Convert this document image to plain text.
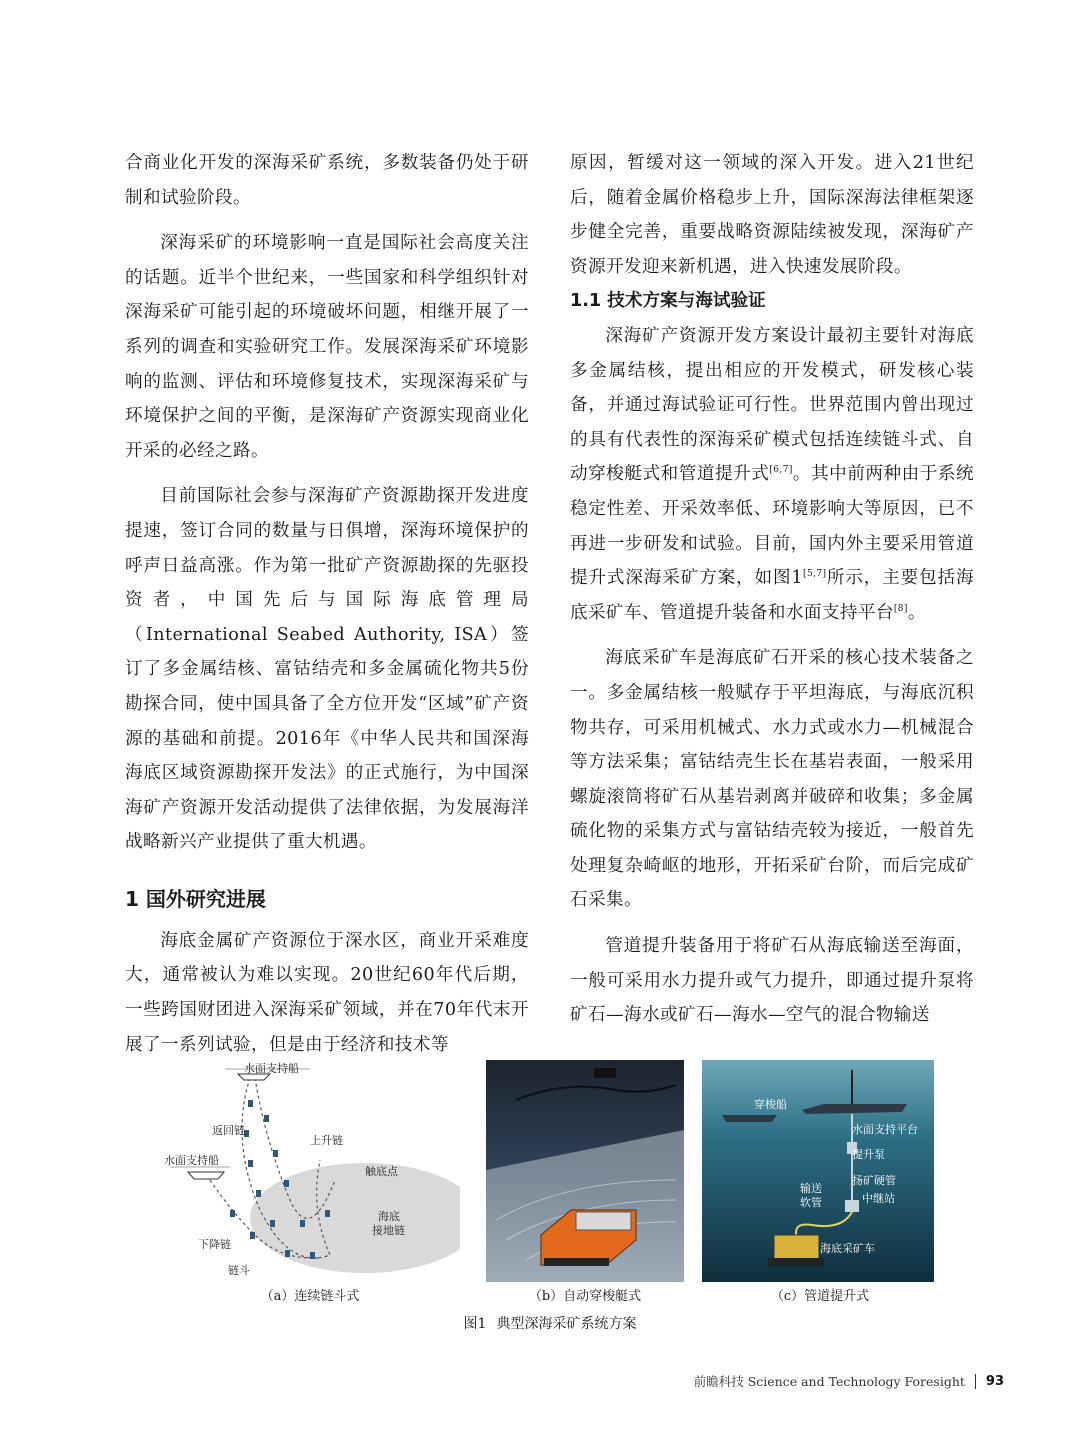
合商业化开发的深海采矿系统，多数装备仍处于研制和试验阶段。

深海采矿的环境影响一直是国际社会高度关注的话题。近半个世纪来，一些国家和科学组织针对深海采矿可能引起的环境破坏问题，相继开展了一系列的调查和实验研究工作。发展深海采矿环境影响的监测、评估和环境修复技术，实现深海采矿与环境保护之间的平衡，是深海矿产资源实现商业化开采的必经之路。

目前国际社会参与深海矿产资源勘探开发进度提速，签订合同的数量与日俱增，深海环境保护的呼声日益高涨。作为第一批矿产资源勘探的先驱投资者，中国先后与国际海底管理局（International Seabed Authority, ISA）签订了多金属结核、富钴结壳和多金属硫化物共5份勘探合同，使中国具备了全方位开发“区域”矿产资源的基础和前提。2016年《中华人民共和国深海海底区域资源勘探开发法》的正式施行，为中国深海矿产资源开发活动提供了法律依据，为发展海洋战略新兴产业提供了重大机遇。

1 国外研究进展

海底金属矿产资源位于深水区，商业开采难度大，通常被认为难以实现。20世纪60年代后期，一些跨国财团进入深海采矿领域，并在70年代末开展了一系列试验，但是由于经济和技术等

原因，暂缓对这一领域的深入开发。进入21世纪后，随着金属价格稳步上升，国际深海法律框架逐步健全完善，重要战略资源陆续被发现，深海矿产资源开发迎来新机遇，进入快速发展阶段。

1.1 技术方案与海试验证

深海矿产资源开发方案设计最初主要针对海底多金属结核，提出相应的开发模式，研发核心装备，并通过海试验证可行性。世界范围内曾出现过的具有代表性的深海采矿模式包括连续链斗式、自动穿梭艇式和管道提升式[6,7]。其中前两种由于系统稳定性差、开采效率低、环境影响大等原因，已不再进一步研发和试验。目前，国内外主要采用管道提升式深海采矿方案，如图1[5,7]所示，主要包括海底采矿车、管道提升装备和水面支持平台[8]。

海底采矿车是海底矿石开采的核心技术装备之一。多金属结核一般赋存于平坦海底，与海底沉积物共存，可采用机械式、水力式或水力—机械混合等方法采集；富钴结壳生长在基岩表面，一般采用螺旋滚筒将矿石从基岩剥离并破碎和收集；多金属硫化物的采集方式与富钴结壳较为接近，一般首先处理复杂崎岖的地形，开拓采矿台阶，而后完成矿石采集。

管道提升装备用于将矿石从海底输送至海面，一般可采用水力提升或气力提升，即通过提升泵将矿石—海水或矿石—海水—空气的混合物输送

水面支持船
返回链
上升链
水面支持船
触底点
海底
接地链
下降链
链斗
穿梭船
水面支持平台
提升泵
扬矿硬管
输送
软管	中继站
海底采矿车
（a）连续链斗式	（b）自动穿梭艇式	（c）管道提升式
图1 典型深海采矿系统方案
前瞻科技 Science and Technology Foresight 93
